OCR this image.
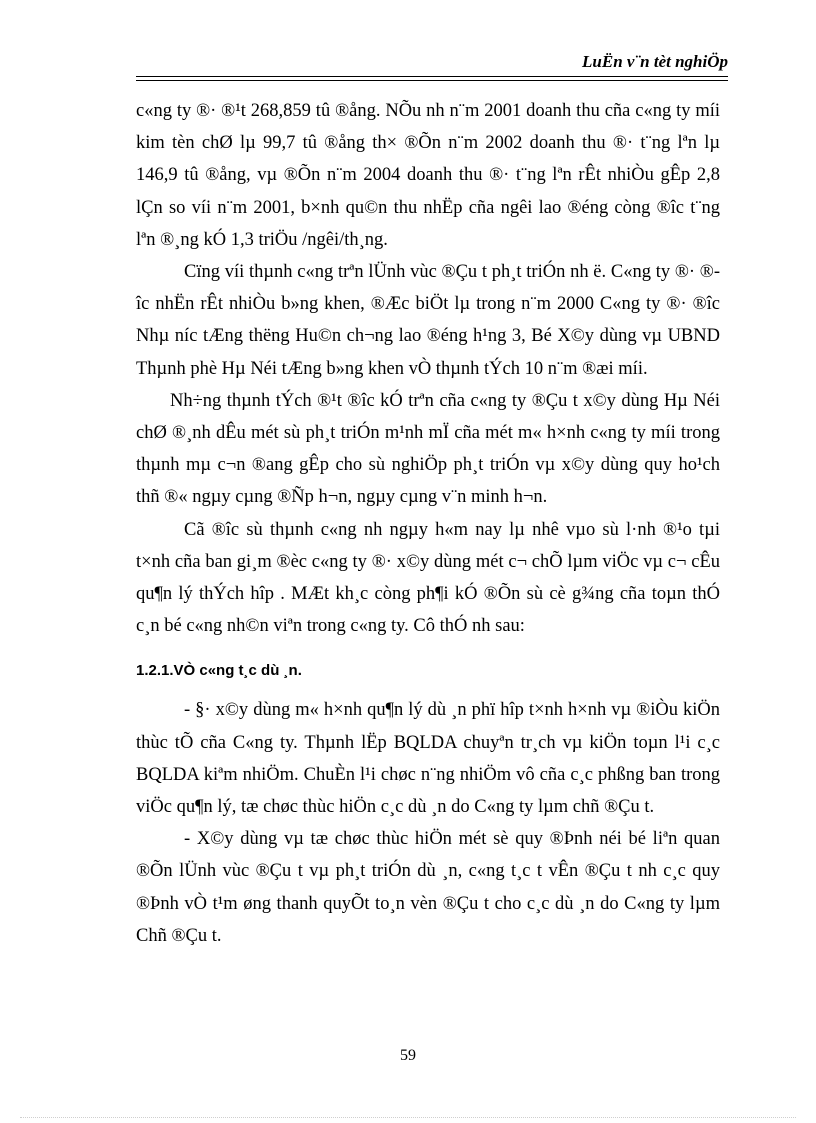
LuËn v¨n tèt nghiÖp

c«ng ty ®· ®¹t 268,859 tû ®ång. NÕu nh n¨m 2001 doanh thu cña c«ng ty míi kim tèn chØ lµ 99,7 tû ®ång th× ®Õn n¨m 2002 doanh thu ®· t¨ng lªn lµ 146,9 tû ®ång, vµ ®Õn n¨m 2004 doanh thu ®· t¨ng lªn rÊt nhiÒu gÊp 2,8 lÇn so víi n¨m 2001, b×nh qu©n thu nhËp cña ngêi lao ®éng còng ®îc t¨ng lªn ®¸ng kÓ 1,3 triÖu /ngêi/th¸ng.

Cïng víi thµnh c«ng trªn lÜnh vùc ®Çu t ph¸t triÓn nh ë. C«ng ty ®· ®îc nhËn rÊt nhiÒu b»ng khen, ®Æc biÖt lµ trong n¨m 2000 C«ng ty ®· ®îc Nhµ níc tÆng thëng Hu©n ch¬ng lao ®éng h¹ng 3, Bé X©y dùng vµ UBND Thµnh phè Hµ Néi tÆng b»ng khen vÒ thµnh tÝch 10 n¨m ®æi míi.

Nh÷ng thµnh tÝch ®¹t ®îc kÓ trªn cña c«ng ty ®Çu t x©y dùng Hµ Néi chØ ®¸nh dÊu mét sù ph¸t triÓn m¹nh mÏ cña mét m« h×nh c«ng ty míi trong thµnh mµ c¬n ®ang gÊp cho sù nghiÖp ph¸t triÓn vµ x©y dùng quy ho¹ch thñ ®« ngµy cµng ®Ñp h¬n, ngµy cµng v¨n minh h¬n.

Cã ®îc sù thµnh c«ng nh ngµy h«m nay lµ nhê vµo sù l·nh ®¹o tµi t×nh cña ban gi¸m ®èc c«ng ty ®· x©y dùng mét c¬ chÕ lµm viÖc vµ c¬ cÊu qu¶n lý thÝch hîp . MÆt kh¸c còng ph¶i kÓ ®Õn sù cè g¾ng cña toµn thÓ c¸n bé c«ng nh©n viªn trong c«ng ty. Cô thÓ nh sau:

1.2.1.VÒ c«ng t¸c dù ¸n.

- §· x©y dùng m« h×nh qu¶n lý dù ¸n phï hîp t×nh h×nh vµ ®iÒu kiÖn thùc tÕ cña C«ng ty. Thµnh lËp BQLDA chuyªn tr¸ch vµ kiÖn toµn l¹i c¸c BQLDA kiªm nhiÖm. ChuÈn l¹i chøc n¨ng nhiÖm vô cña c¸c phßng ban trong viÖc qu¶n lý, tæ chøc thùc hiÖn c¸c dù ¸n do C«ng ty lµm chñ ®Çu t.

- X©y dùng vµ tæ chøc thùc hiÖn mét sè quy ®Þnh néi bé liªn quan ®Õn lÜnh vùc ®Çu t vµ ph¸t triÓn dù ¸n, c«ng t¸c t vÊn ®Çu t nh c¸c quy ®Þnh vÒ t¹m øng thanh quyÕt to¸n vèn ®Çu t cho c¸c dù ¸n do C«ng ty lµm Chñ ®Çu t.

59
